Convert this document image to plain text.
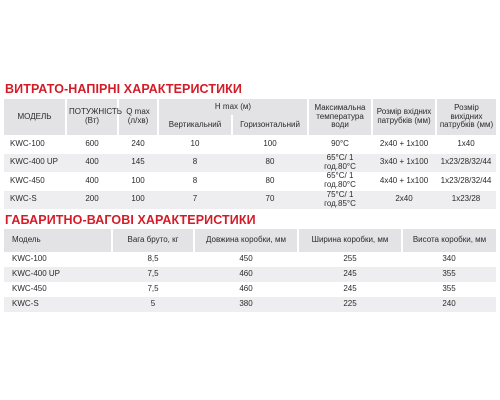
ВИТРАТО-НАПІРНІ ХАРАКТЕРИСТИКИ
МОДЕЛЬ	ПОТУЖНІСТЬ (Вт)	Q max (л/хв)	H max (м)		Максимальна температура води	Розмір вхідних патрубків (мм)	Розмір вихідних патрубків (мм)
			Вертикальний	Горизонтальний			
KWC-100	600	240	10	100	90°С	2х40 + 1х100	1х40
KWC-400 UP	400	145	8	80	65°С/ 1 год.80°С	3х40 + 1х100	1х23/28/32/44
KWC-450	400	100	8	80	65°С/ 1 год.80°С	4х40 + 1х100	1х23/28/32/44
KWC-S	200	100	7	70	75°С/ 1 год.85°С	2х40	1х23/28
ГАБАРИТНО-ВАГОВІ ХАРАКТЕРИСТИКИ
Модель	Вага бруто, кг	Довжина коробки, мм	Ширина коробки, мм	Висота коробки, мм
KWC-100	8,5	450	255	340
KWC-400 UP	7,5	460	245	355
KWC-450	7,5	460	245	355
KWC-S	5	380	225	240
